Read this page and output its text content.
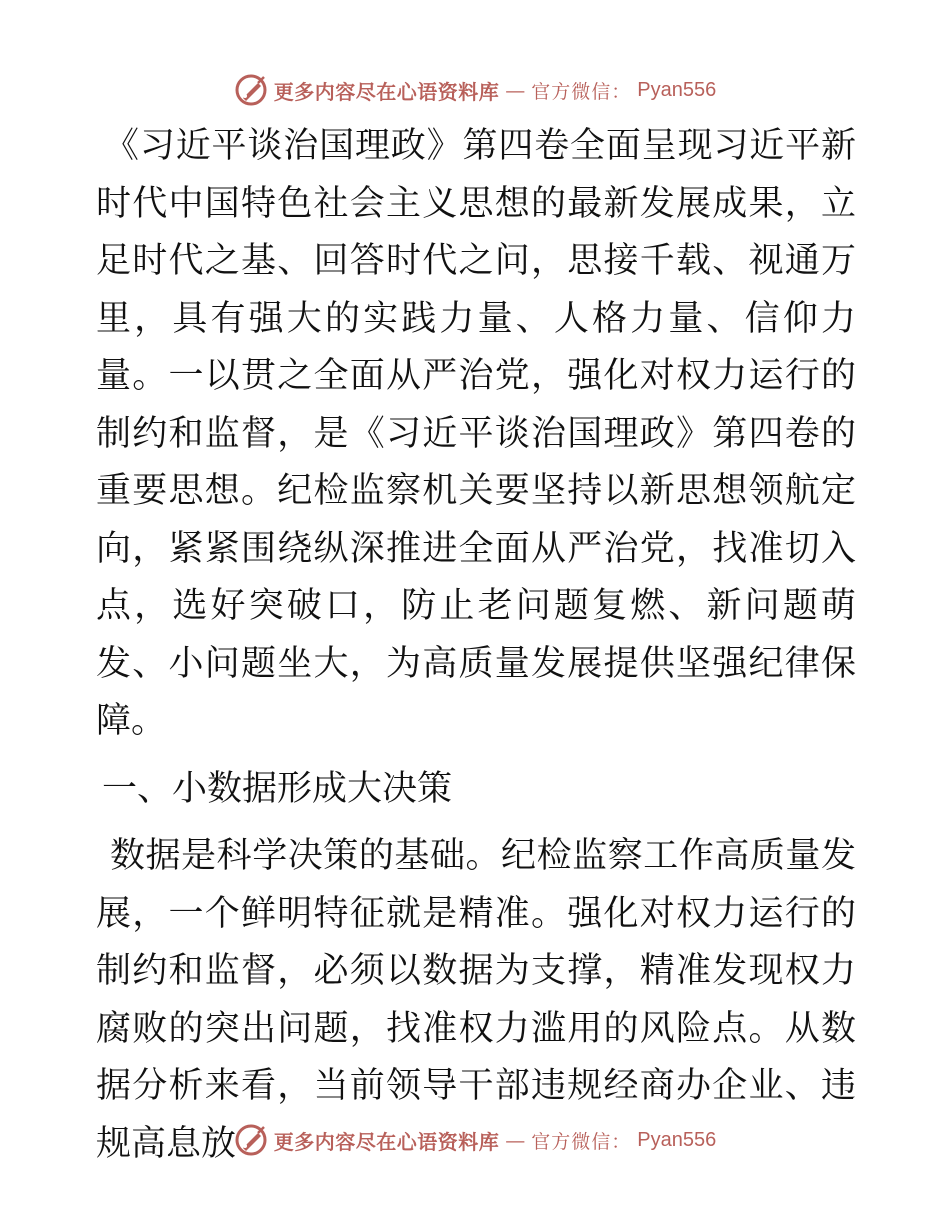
更多内容尽在心语资料库 — 官方微信： Pyan556

《习近平谈治国理政》第四卷全面呈现习近平新时代中国特色社会主义思想的最新发展成果，立足时代之基、回答时代之问，思接千载、视通万里，具有强大的实践力量、人格力量、信仰力量。一以贯之全面从严治党，强化对权力运行的制约和监督，是《习近平谈治国理政》第四卷的重要思想。纪检监察机关要坚持以新思想领航定向，紧紧围绕纵深推进全面从严治党，找准切入点，选好突破口，防止老问题复燃、新问题萌发、小问题坐大，为高质量发展提供坚强纪律保障。

一、小数据形成大决策

数据是科学决策的基础。纪检监察工作高质量发展，一个鲜明特征就是精准。强化对权力运行的制约和监督，必须以数据为支撑，精准发现权力腐败的突出问题，找准权力滥用的风险点。从数据分析来看，当前领导干部违规经商办企业、违规高息放	更多内容尽在心语资料库 — 官方微信： Pyan556
